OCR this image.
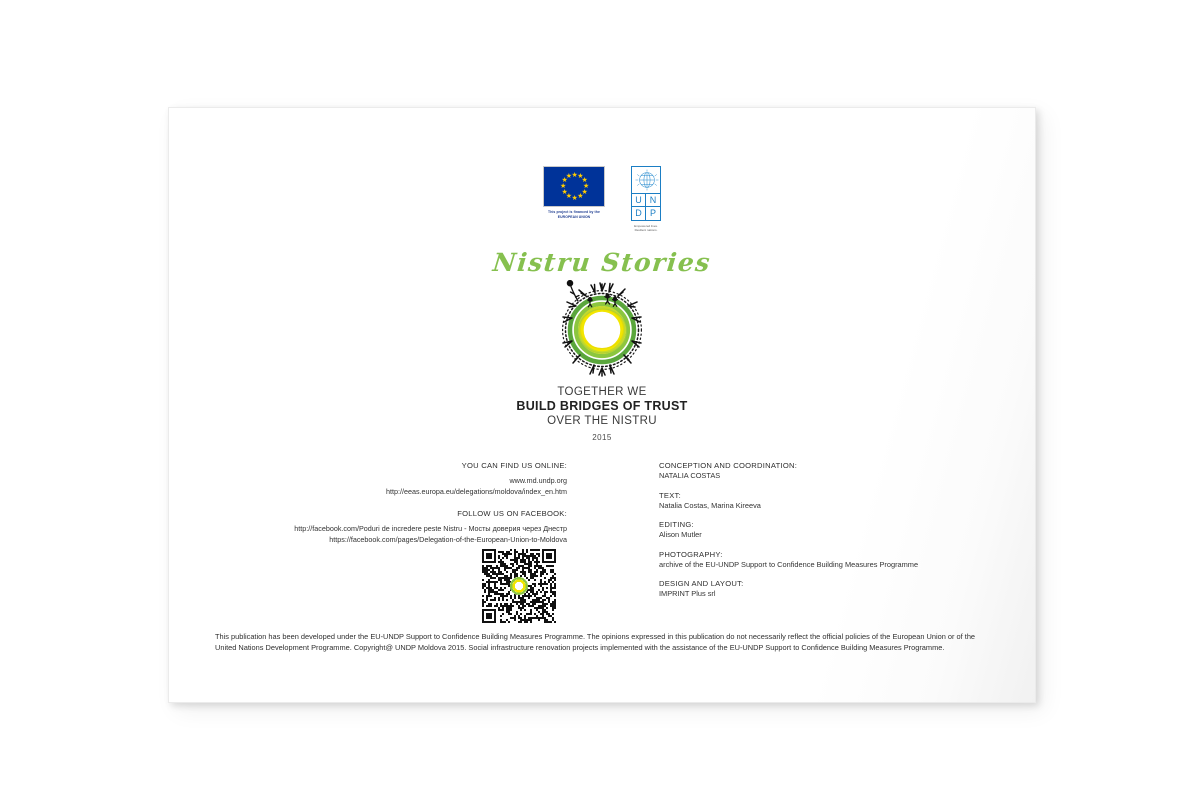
This project is financed by the
EUROPEAN UNION
U N
D P
Empowered lives.
Resilient nations.
Nistru Stories
TOGETHER WE
BUILD BRIDGES OF TRUST
OVER THE NISTRU
2015
YOU CAN FIND US ONLINE:
www.md.undp.org
http://eeas.europa.eu/delegations/moldova/index_en.htm
FOLLOW US ON FACEBOOK:
http://facebook.com/Poduri de incredere peste Nistru - Мосты доверия через Днестр
https://facebook.com/pages/Delegation-of-the-European-Union-to-Moldova
CONCEPTION AND COORDINATION:
NATALIA COSTAS
TEXT:
Natalia Costas, Marina Kireeva
EDITING:
Alison Mutler
PHOTOGRAPHY:
archive of the EU-UNDP Support to Confidence Building Measures Programme
DESIGN AND LAYOUT:
IMPRINT Plus srl
This publication has been developed under the EU-UNDP Support to Confidence Building Measures Programme. The opinions expressed in this publication do not necessarily reflect the official policies of the European Union or of the United Nations Development Programme. Copyright@ UNDP Moldova 2015. Social infrastructure renovation projects implemented with the assistance of the EU-UNDP Support to Confidence Building Measures Programme.
